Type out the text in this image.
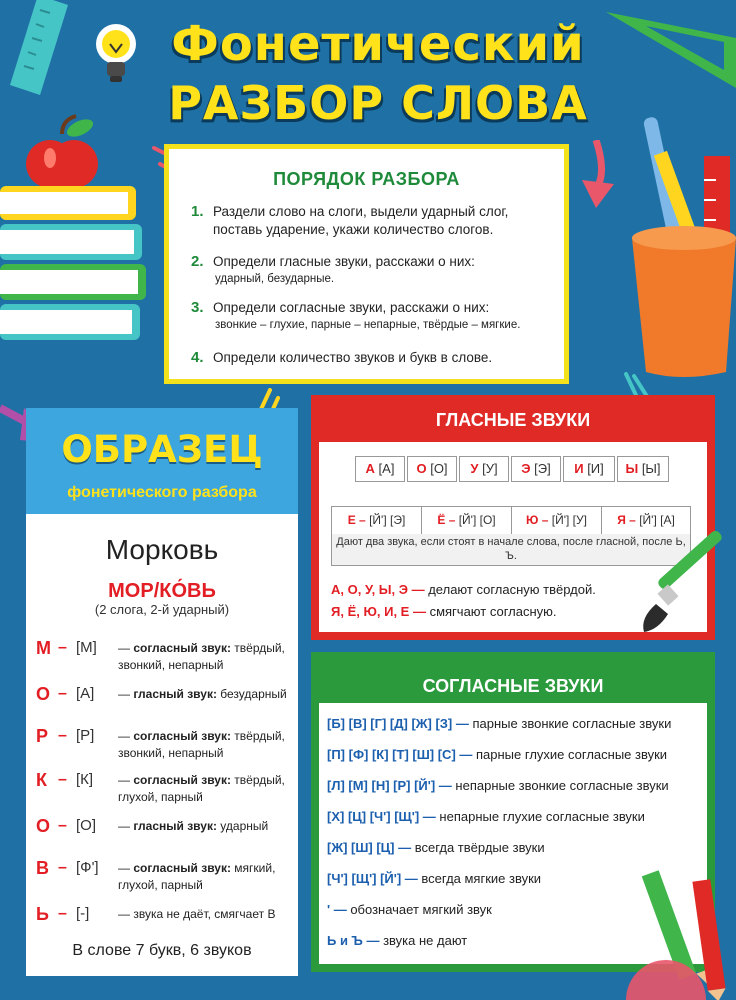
Фонетический
РАЗБОР СЛОВА
ПОРЯДОК РАЗБОРА
1. Раздели слово на слоги, выдели ударный слог, поставь ударение, укажи количество слогов.
2. Определи гласные звуки, расскажи о них:
ударный, безударные.
3. Определи согласные звуки, расскажи о них:
звонкие – глухие, парные – непарные, твёрдые – мягкие.
4. Определи количество звуков и букв в слове.
ОБРАЗЕЦ
фонетического разбора
Морковь
МОР/КО́ВЬ
(2 слога, 2-й ударный)
М – [М] — согласный звук: твёрдый, звонкий, непарный
О – [А] — гласный звук: безударный
Р – [Р] — согласный звук: твёрдый, звонкий, непарный
К – [К] — согласный звук: твёрдый, глухой, парный
О – [О] — гласный звук: ударный
В – [Ф'] — согласный звук: мягкий, глухой, парный
Ь – [-] — звука не даёт, смягчает В
В слове 7 букв, 6 звуков
ГЛАСНЫЕ ЗВУКИ
А [А]	О [О]	У [У]	Э [Э]	И [И]	Ы [Ы]
Е – [Й'] [Э]	Ё – [Й'] [О]	Ю – [Й'] [У]	Я – [Й'] [А]
Дают два звука, если стоят в начале слова, после гласной, после Ь, Ъ.
А, О, У, Ы, Э — делают согласную твёрдой.
Я, Ё, Ю, И, Е — смягчают согласную.
СОГЛАСНЫЕ ЗВУКИ
[Б] [В] [Г] [Д] [Ж] [З] — парные звонкие согласные звуки
[П] [Ф] [К] [Т] [Ш] [С] — парные глухие согласные звуки
[Л] [М] [Н] [Р] [Й'] — непарные звонкие согласные звуки
[Х] [Ц] [Ч'] [Щ'] — непарные глухие согласные звуки
[Ж] [Ш] [Ц] — всегда твёрдые звуки
[Ч'] [Щ'] [Й'] — всегда мягкие звуки
' — обозначает мягкий звук
Ь и Ъ — звука не дают
